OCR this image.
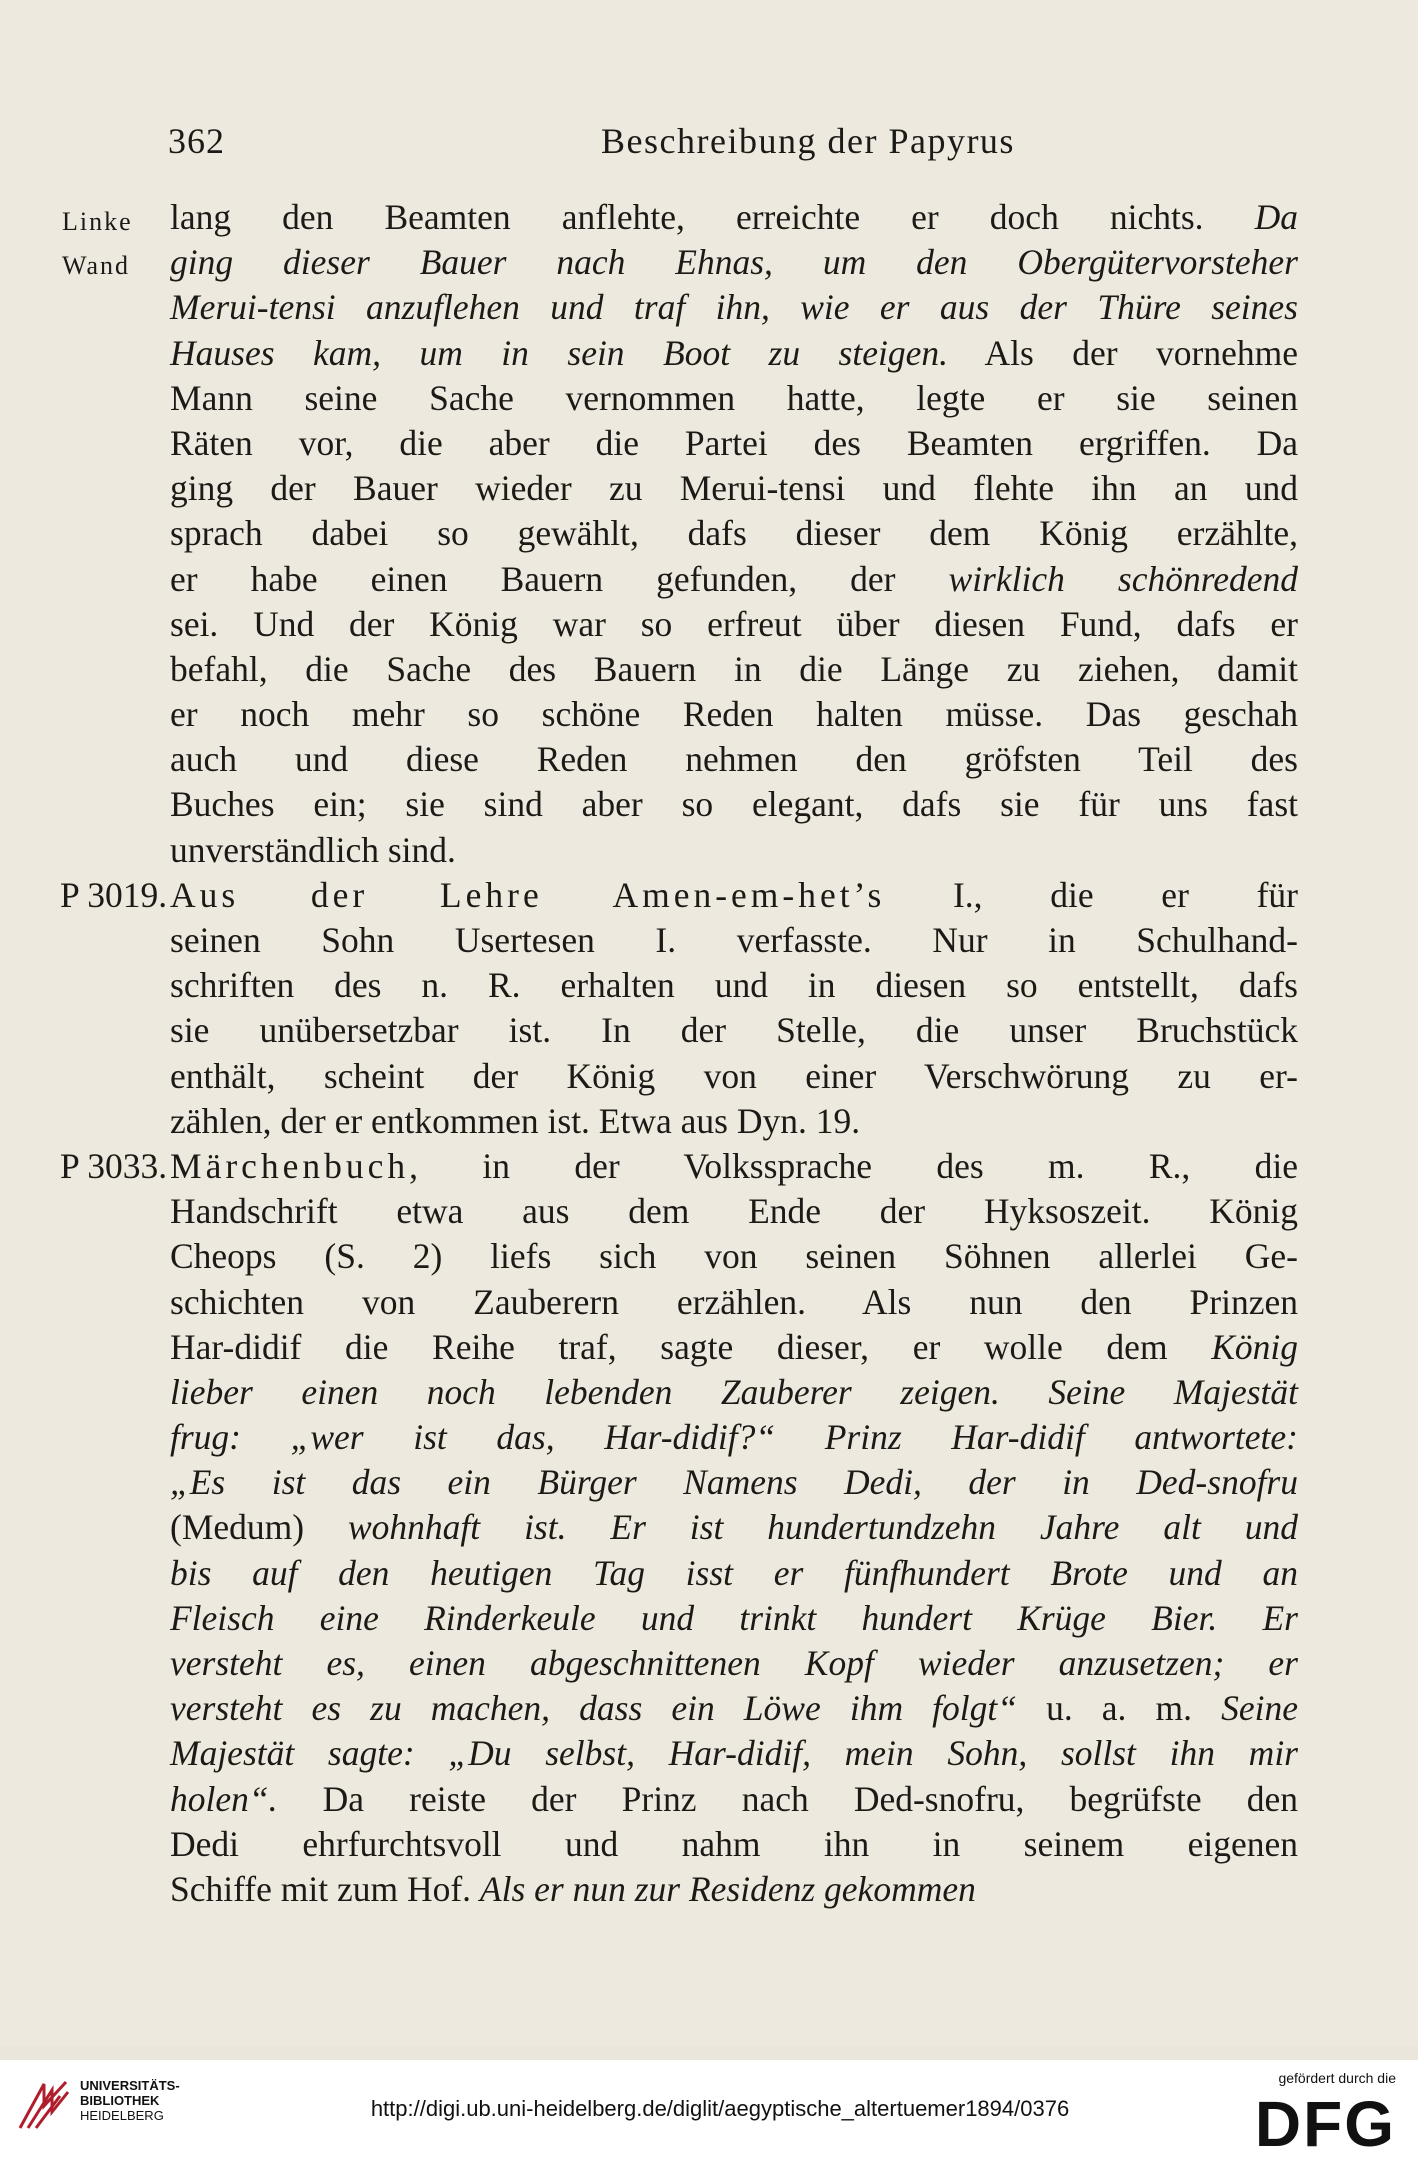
362	Beschreibung der Papyrus
Linke
Wand
lang den Beamten anflehte, erreichte er doch nichts. Da
ging dieser Bauer nach Ehnas, um den Obergütervorsteher
Merui-tensi anzuflehen und traf ihn, wie er aus der Thüre seines
Hauses kam, um in sein Boot zu steigen. Als der vornehme
Mann seine Sache vernommen hatte, legte er sie seinen
Räten vor, die aber die Partei des Beamten ergriffen. Da
ging der Bauer wieder zu Merui-tensi und flehte ihn an und
sprach dabei so gewählt, dafs dieser dem König erzählte,
er habe einen Bauern gefunden, der wirklich schönredend
sei. Und der König war so erfreut über diesen Fund, dafs er
befahl, die Sache des Bauern in die Länge zu ziehen, damit
er noch mehr so schöne Reden halten müsse. Das geschah
auch und diese Reden nehmen den gröfsten Teil des
Buches ein; sie sind aber so elegant, dafs sie für uns fast
unverständlich sind.
P 3019. Aus der Lehre Amen-em-het’s I., die er für
seinen Sohn Usertesen I. verfasste. Nur in Schulhand-
schriften des n. R. erhalten und in diesen so entstellt, dafs
sie unübersetzbar ist. In der Stelle, die unser Bruchstück
enthält, scheint der König von einer Verschwörung zu er-
zählen, der er entkommen ist. Etwa aus Dyn. 19.
P 3033. Märchenbuch, in der Volkssprache des m. R., die
Handschrift etwa aus dem Ende der Hyksoszeit. König
Cheops (S. 2) liefs sich von seinen Söhnen allerlei Ge-
schichten von Zauberern erzählen. Als nun den Prinzen
Har-didif die Reihe traf, sagte dieser, er wolle dem König
lieber einen noch lebenden Zauberer zeigen. Seine Majestät
frug: „wer ist das, Har-didif?“ Prinz Har-didif antwortete:
„Es ist das ein Bürger Namens Dedi, der in Ded-snofru
(Medum) wohnhaft ist. Er ist hundertundzehn Jahre alt und
bis auf den heutigen Tag isst er fünfhundert Brote und an
Fleisch eine Rinderkeule und trinkt hundert Krüge Bier. Er
versteht es, einen abgeschnittenen Kopf wieder anzusetzen; er
versteht es zu machen, dass ein Löwe ihm folgt“ u. a. m. Seine
Majestät sagte: „Du selbst, Har-didif, mein Sohn, sollst ihn mir
holen“. Da reiste der Prinz nach Ded-snofru, begrüfste den
Dedi ehrfurchtsvoll und nahm ihn in seinem eigenen
Schiffe mit zum Hof. Als er nun zur Residenz gekommen
UNIVERSITÄTS-
BIBLIOTHEK
HEIDELBERG	http://digi.ub.uni-heidelberg.de/diglit/aegyptische_altertuemer1894/0376
gefördert durch die
DFG
